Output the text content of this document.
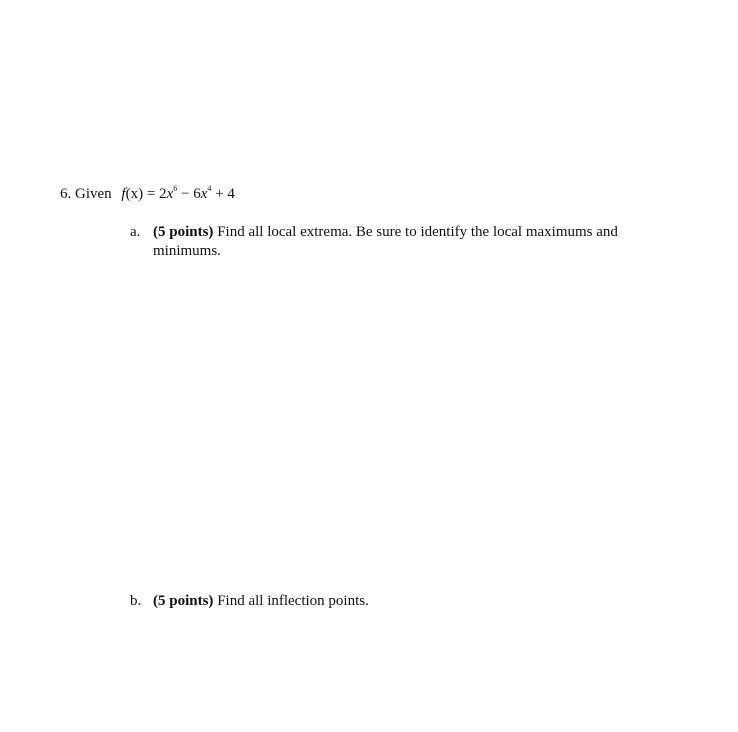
6. Given $f(x) = 2x^6 - 6x^4 + 4$
a. (5 points) Find all local extrema. Be sure to identify the local maximums and minimums.
b. (5 points) Find all inflection points.
